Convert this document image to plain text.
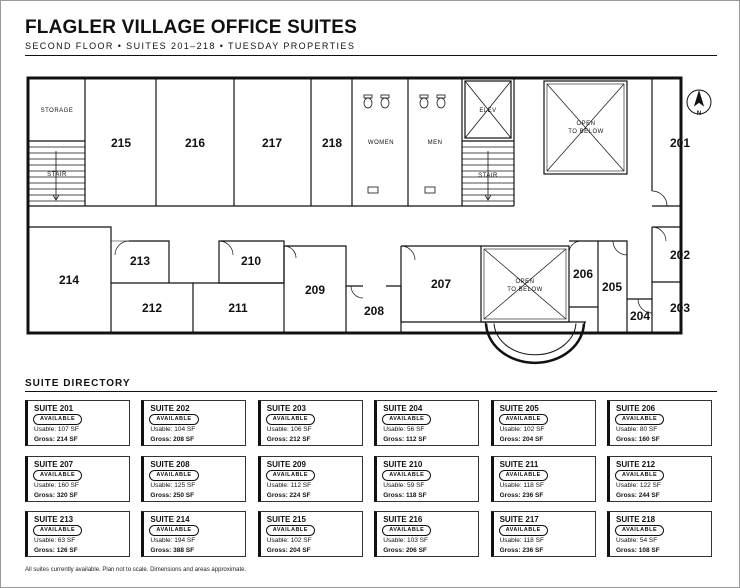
FLAGLER VILLAGE OFFICE SUITES
SECOND FLOOR • SUITES 201–218 • TUESDAY PROPERTIES
STORAGE
STAIR
WOMEN	MEN
ELEV
STAIR
OPEN
TO BELOW
OPEN
TO BELOW
N
215	216	217	218	201
202
203
204
205
206
207
208
209
210
211
212
213
214
SUITE DIRECTORY
SUITE 201
AVAILABLE
Usable: 107 SF
Gross: 214 SF
SUITE 202
AVAILABLE
Usable: 104 SF
Gross: 208 SF
SUITE 203
AVAILABLE
Usable: 106 SF
Gross: 212 SF
SUITE 204
AVAILABLE
Usable: 56 SF
Gross: 112 SF
SUITE 205
AVAILABLE
Usable: 102 SF
Gross: 204 SF
SUITE 206
AVAILABLE
Usable: 80 SF
Gross: 160 SF
SUITE 207
AVAILABLE
Usable: 160 SF
Gross: 320 SF
SUITE 208
AVAILABLE
Usable: 125 SF
Gross: 250 SF
SUITE 209
AVAILABLE
Usable: 112 SF
Gross: 224 SF
SUITE 210
AVAILABLE
Usable: 59 SF
Gross: 118 SF
SUITE 211
AVAILABLE
Usable: 118 SF
Gross: 236 SF
SUITE 212
AVAILABLE
Usable: 122 SF
Gross: 244 SF
SUITE 213
AVAILABLE
Usable: 63 SF
Gross: 126 SF
SUITE 214
AVAILABLE
Usable: 194 SF
Gross: 388 SF
SUITE 215
AVAILABLE
Usable: 102 SF
Gross: 204 SF
SUITE 216
AVAILABLE
Usable: 103 SF
Gross: 206 SF
SUITE 217
AVAILABLE
Usable: 118 SF
Gross: 236 SF
SUITE 218
AVAILABLE
Usable: 54 SF
Gross: 108 SF
All suites currently available. Plan not to scale. Dimensions and areas approximate.
